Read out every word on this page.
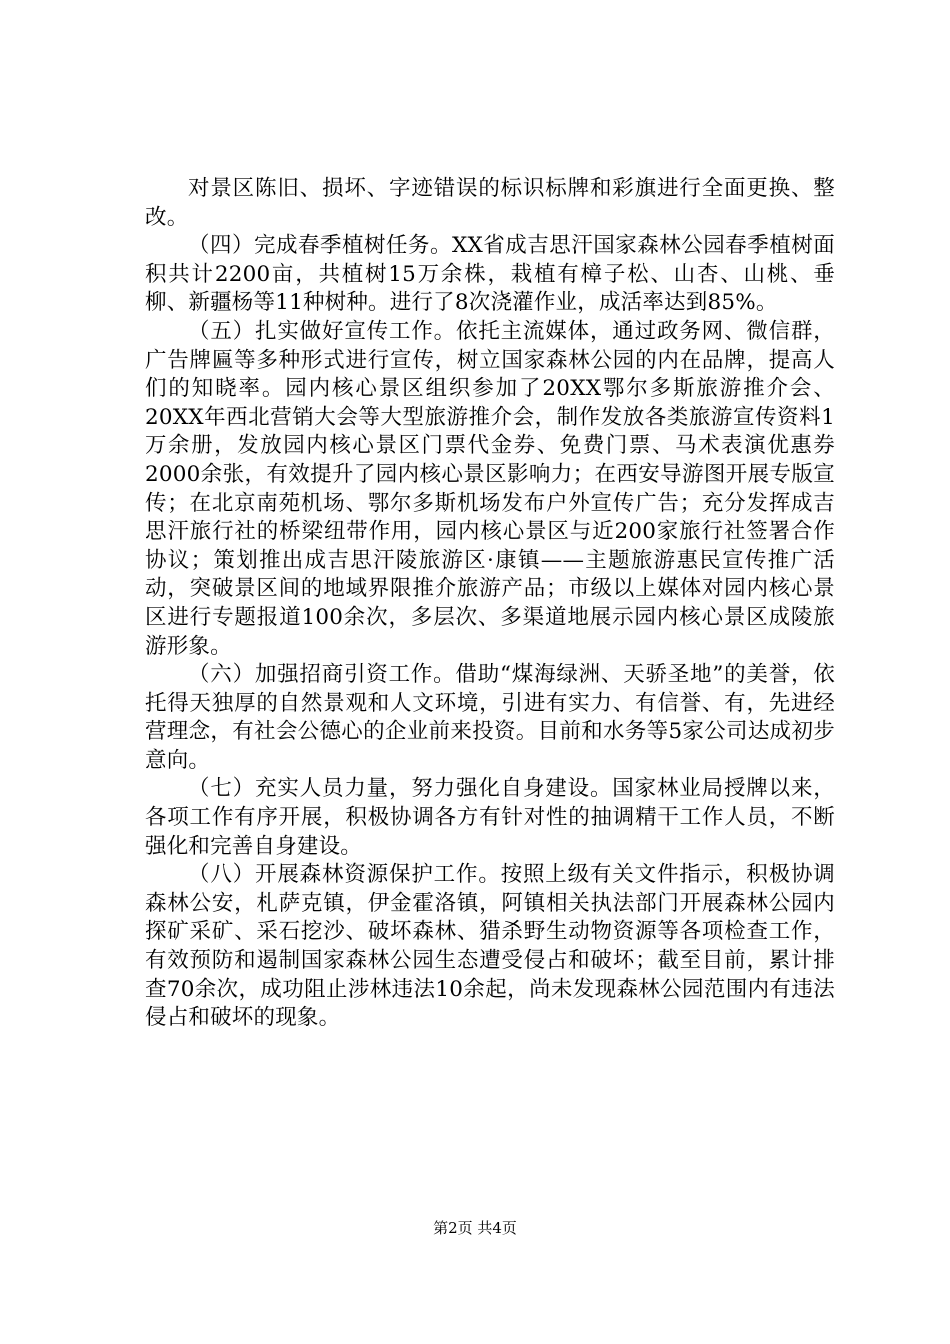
对景区陈旧、损坏、字迹错误的标识标牌和彩旗进行全面更换、整改。

（四）完成春季植树任务。XX省成吉思汗国家森林公园春季植树面积共计2200亩，共植树15万余株，栽植有樟子松、山杏、山桃、垂柳、新疆杨等11种树种。进行了8次浇灌作业，成活率达到85%。

（五）扎实做好宣传工作。依托主流媒体，通过政务网、微信群，广告牌匾等多种形式进行宣传，树立国家森林公园的内在品牌，提高人们的知晓率。园内核心景区组织参加了20XX鄂尔多斯旅游推介会、20XX年西北营销大会等大型旅游推介会，制作发放各类旅游宣传资料1万余册，发放园内核心景区门票代金券、免费门票、马术表演优惠券2000余张，有效提升了园内核心景区影响力；在西安导游图开展专版宣传；在北京南苑机场、鄂尔多斯机场发布户外宣传广告；充分发挥成吉思汗旅行社的桥梁纽带作用，园内核心景区与近200家旅行社签署合作协议；策划推出成吉思汗陵旅游区·康镇——主题旅游惠民宣传推广活动，突破景区间的地域界限推介旅游产品；市级以上媒体对园内核心景区进行专题报道100余次，多层次、多渠道地展示园内核心景区成陵旅游形象。

（六）加强招商引资工作。借助“煤海绿洲、天骄圣地”的美誉，依托得天独厚的自然景观和人文环境，引进有实力、有信誉、有，先进经营理念，有社会公德心的企业前来投资。目前和水务等5家公司达成初步意向。

（七）充实人员力量，努力强化自身建设。国家林业局授牌以来，各项工作有序开展，积极协调各方有针对性的抽调精干工作人员，不断强化和完善自身建设。

（八）开展森林资源保护工作。按照上级有关文件指示，积极协调森林公安，札萨克镇，伊金霍洛镇，阿镇相关执法部门开展森林公园内探矿采矿、采石挖沙、破坏森林、猎杀野生动物资源等各项检查工作，有效预防和遏制国家森林公园生态遭受侵占和破坏；截至目前，累计排查70余次，成功阻止涉林违法10余起，尚未发现森林公园范围内有违法侵占和破坏的现象。

第2页 共4页
